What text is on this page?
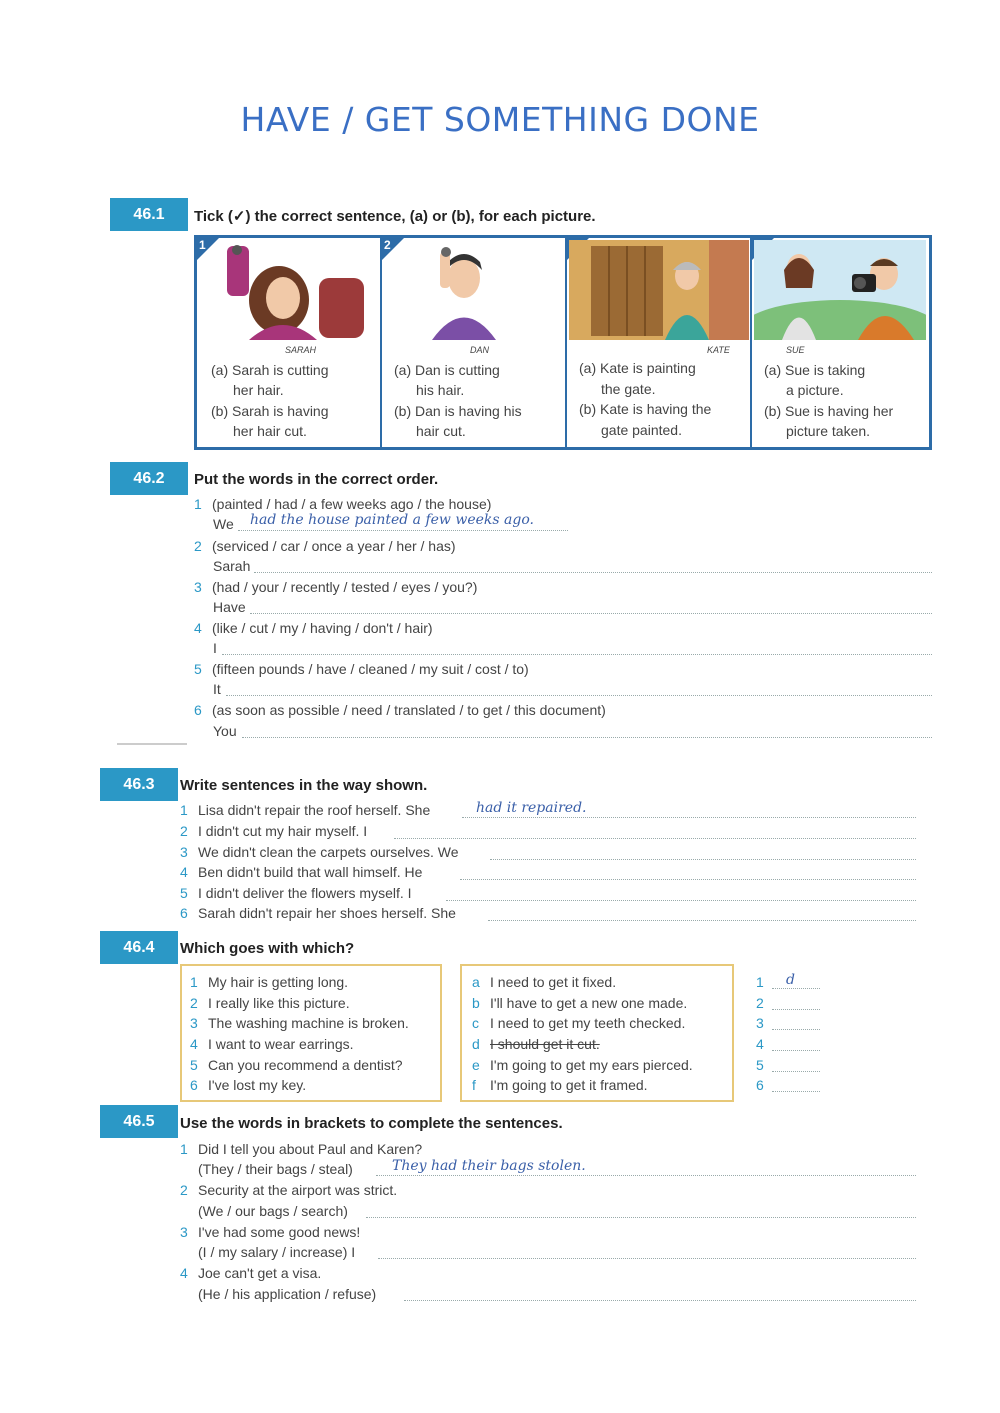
HAVE / GET SOMETHING DONE
46.1	Tick (✓) the correct sentence, (a) or (b), for each picture.
1
SARAH
(a) Sarah is cutting
her hair.
(b) Sarah is having
her hair cut.
2
DAN
(a) Dan is cutting
his hair.
(b) Dan is having his
hair cut.
KATE
(a) Kate is painting
the gate.
(b) Kate is having the
gate painted.
SUE
(a) Sue is taking
a picture.
(b) Sue is having her
picture taken.
46.2	Put the words in the correct order.
1 (painted / had / a few weeks ago / the house)
We had the house painted a few weeks ago.
2 (serviced / car / once a year / her / has)
Sarah
3 (had / your / recently / tested / eyes / you?)
Have
4 (like / cut / my / having / don't / hair)
I
5 (fifteen pounds / have / cleaned / my suit / cost / to)
It
6 (as soon as possible / need / translated / to get / this document)
You
46.3	Write sentences in the way shown.
1 Lisa didn't repair the roof herself. She	had it repaired.
2 I didn't cut my hair myself. I
3 We didn't clean the carpets ourselves. We
4 Ben didn't build that wall himself. He
5 I didn't deliver the flowers myself. I
6 Sarah didn't repair her shoes herself. She
46.4	Which goes with which?
1 My hair is getting long.
2 I really like this picture.
3 The washing machine is broken.
4 I want to wear earrings.
5 Can you recommend a dentist?
6 I've lost my key.
a I need to get it fixed.
b I'll have to get a new one made.
c I need to get my teeth checked.
d I should get it cut.
e I'm going to get my ears pierced.
f I'm going to get it framed.
1 d
2
3
4
5
6
46.5	Use the words in brackets to complete the sentences.
1 Did I tell you about Paul and Karen?
(They / their bags / steal)	They had their bags stolen.
2 Security at the airport was strict.
(We / our bags / search)
3 I've had some good news!
(I / my salary / increase) I
4 Joe can't get a visa.
(He / his application / refuse)
